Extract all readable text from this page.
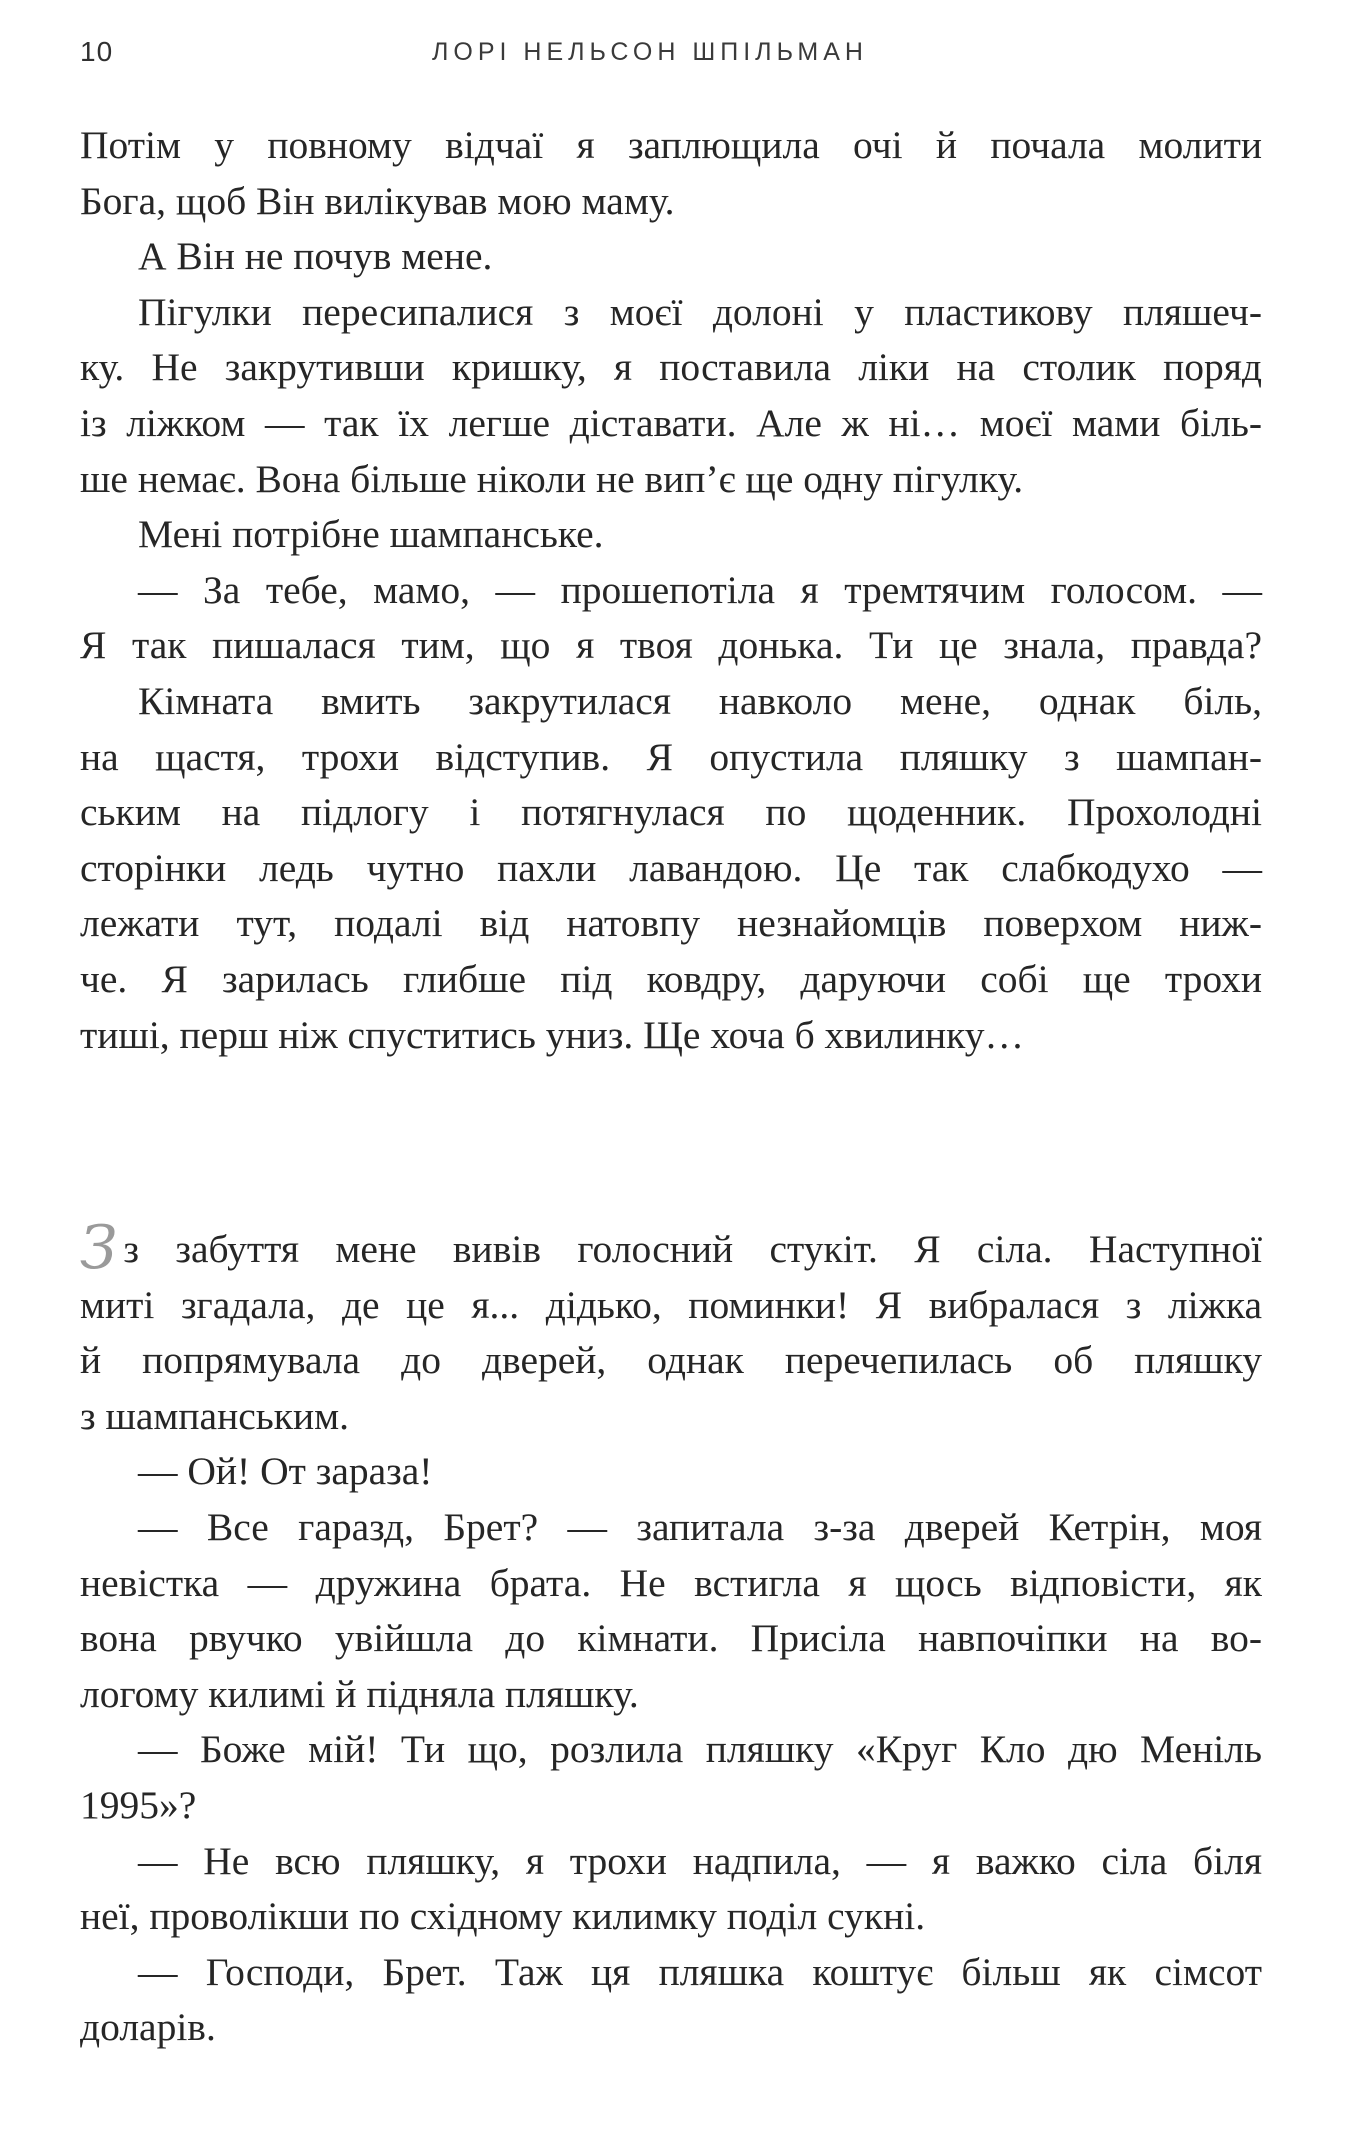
10	ЛОРІ НЕЛЬСОН ШПІЛЬМАН
Потім у повному відчаї я заплющила очі й почала молити
Бога, щоб Він вилікував мою маму.
А Він не почув мене.
Пігулки пересипалися з моєї долоні у пластикову пляшеч-
ку. Не закрутивши кришку, я поставила ліки на столик поряд
із ліжком — так їх легше діставати. Але ж ні… моєї мами біль-
ше немає. Вона більше ніколи не вип’є ще одну пігулку.
Мені потрібне шампанське.
— За тебе, мамо, — прошепотіла я тремтячим голосом. —
Я так пишалася тим, що я твоя донька. Ти це знала, правда?
Кімната вмить закрутилася навколо мене, однак біль,
на щастя, трохи відступив. Я опустила пляшку з шампан-
ським на підлогу і потягнулася по щоденник. Прохолодні
сторінки ледь чутно пахли лавандою. Це так слабкодухо —
лежати тут, подалі від натовпу незнайомців поверхом ниж-
че. Я зарилась глибше під ковдру, даруючи собі ще трохи
тиші, перш ніж спуститись униз. Ще хоча б хвилинку…
Зз забуття мене вивів голосний стукіт. Я сіла. Наступної
миті згадала, де це я... дідько, поминки! Я вибралася з ліжка
й попрямувала до дверей, однак перечепилась об пляшку
з шампанським.
— Ой! От зараза!
— Все гаразд, Брет? — запитала з-за дверей Кетрін, моя
невістка — дружина брата. Не встигла я щось відповісти, як
вона рвучко увійшла до кімнати. Присіла навпочіпки на во-
логому килимі й підняла пляшку.
— Боже мій! Ти що, розлила пляшку «Круг Кло дю Меніль
1995»?
— Не всю пляшку, я трохи надпила, — я важко сіла біля
неї, проволікши по східному килимку поділ сукні.
— Господи, Брет. Таж ця пляшка коштує більш як сімсот
доларів.
